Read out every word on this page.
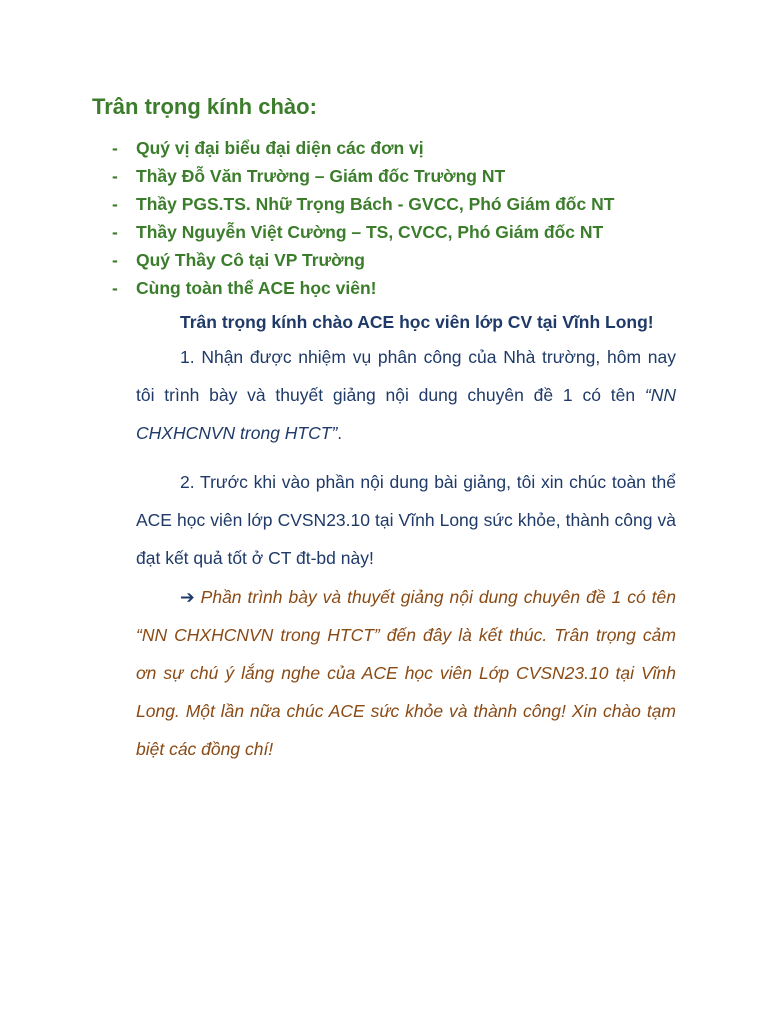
Trân trọng kính chào:
- Quý vị đại biểu đại diện các đơn vị
- Thầy Đỗ Văn Trường – Giám đốc Trường NT
- Thầy PGS.TS. Nhữ Trọng Bách - GVCC, Phó Giám đốc NT
- Thầy Nguyễn Việt Cường – TS, CVCC, Phó Giám đốc NT
- Quý Thầy Cô tại VP Trường
- Cùng toàn thể ACE học viên!

Trân trọng kính chào ACE học viên lớp CV tại Vĩnh Long!

1. Nhận được nhiệm vụ phân công của Nhà trường, hôm nay tôi trình bày và thuyết giảng nội dung chuyên đề 1 có tên “NN CHXHCNVN trong HTCT”.

2. Trước khi vào phần nội dung bài giảng, tôi xin chúc toàn thể ACE học viên lớp CVSN23.10 tại Vĩnh Long sức khỏe, thành công và đạt kết quả tốt ở CT đt-bd này!

➔ Phần trình bày và thuyết giảng nội dung chuyên đề 1 có tên “NN CHXHCNVN trong HTCT” đến đây là kết thúc. Trân trọng cảm ơn sự chú ý lắng nghe của ACE học viên Lớp CVSN23.10 tại Vĩnh Long. Một lần nữa chúc ACE sức khỏe và thành công! Xin chào tạm biệt các đồng chí!
